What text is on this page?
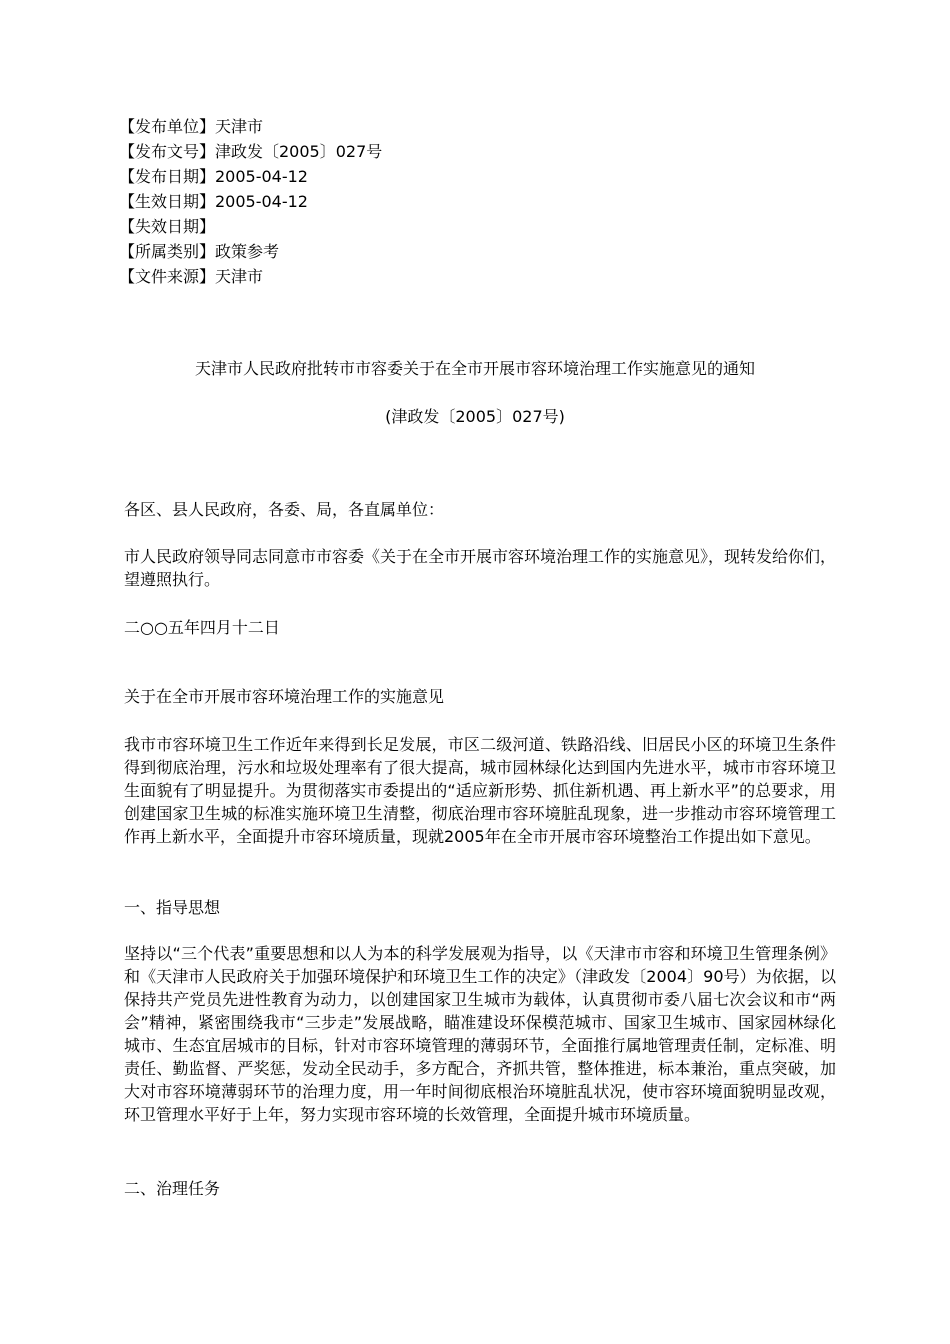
【发布单位】天津市
【发布文号】津政发〔2005〕027号
【发布日期】2005-04-12
【生效日期】2005-04-12
【失效日期】
【所属类别】政策参考
【文件来源】天津市
天津市人民政府批转市市容委关于在全市开展市容环境治理工作实施意见的通知
(津政发〔2005〕027号)
各区、县人民政府，各委、局，各直属单位：
市人民政府领导同志同意市市容委《关于在全市开展市容环境治理工作的实施意见》，现转发给你们，望遵照执行。
二○○五年四月十二日
关于在全市开展市容环境治理工作的实施意见
我市市容环境卫生工作近年来得到长足发展，市区二级河道、铁路沿线、旧居民小区的环境卫生条件得到彻底治理，污水和垃圾处理率有了很大提高，城市园林绿化达到国内先进水平，城市市容环境卫生面貌有了明显提升。为贯彻落实市委提出的“适应新形势、抓住新机遇、再上新水平”的总要求，用创建国家卫生城的标准实施环境卫生清整，彻底治理市容环境脏乱现象，进一步推动市容环境管理工作再上新水平，全面提升市容环境质量，现就2005年在全市开展市容环境整治工作提出如下意见。
一、指导思想
坚持以“三个代表”重要思想和以人为本的科学发展观为指导，以《天津市市容和环境卫生管理条例》和《天津市人民政府关于加强环境保护和环境卫生工作的决定》（津政发〔2004〕90号）为依据，以保持共产党员先进性教育为动力，以创建国家卫生城市为载体，认真贯彻市委八届七次会议和市“两会”精神，紧密围绕我市“三步走”发展战略，瞄准建设环保模范城市、国家卫生城市、国家园林绿化城市、生态宜居城市的目标，针对市容环境管理的薄弱环节，全面推行属地管理责任制，定标准、明责任、勤监督、严奖惩，发动全民动手，多方配合，齐抓共管，整体推进，标本兼治，重点突破，加大对市容环境薄弱环节的治理力度，用一年时间彻底根治环境脏乱状况，使市容环境面貌明显改观，环卫管理水平好于上年，努力实现市容环境的长效管理，全面提升城市环境质量。
二、治理任务
